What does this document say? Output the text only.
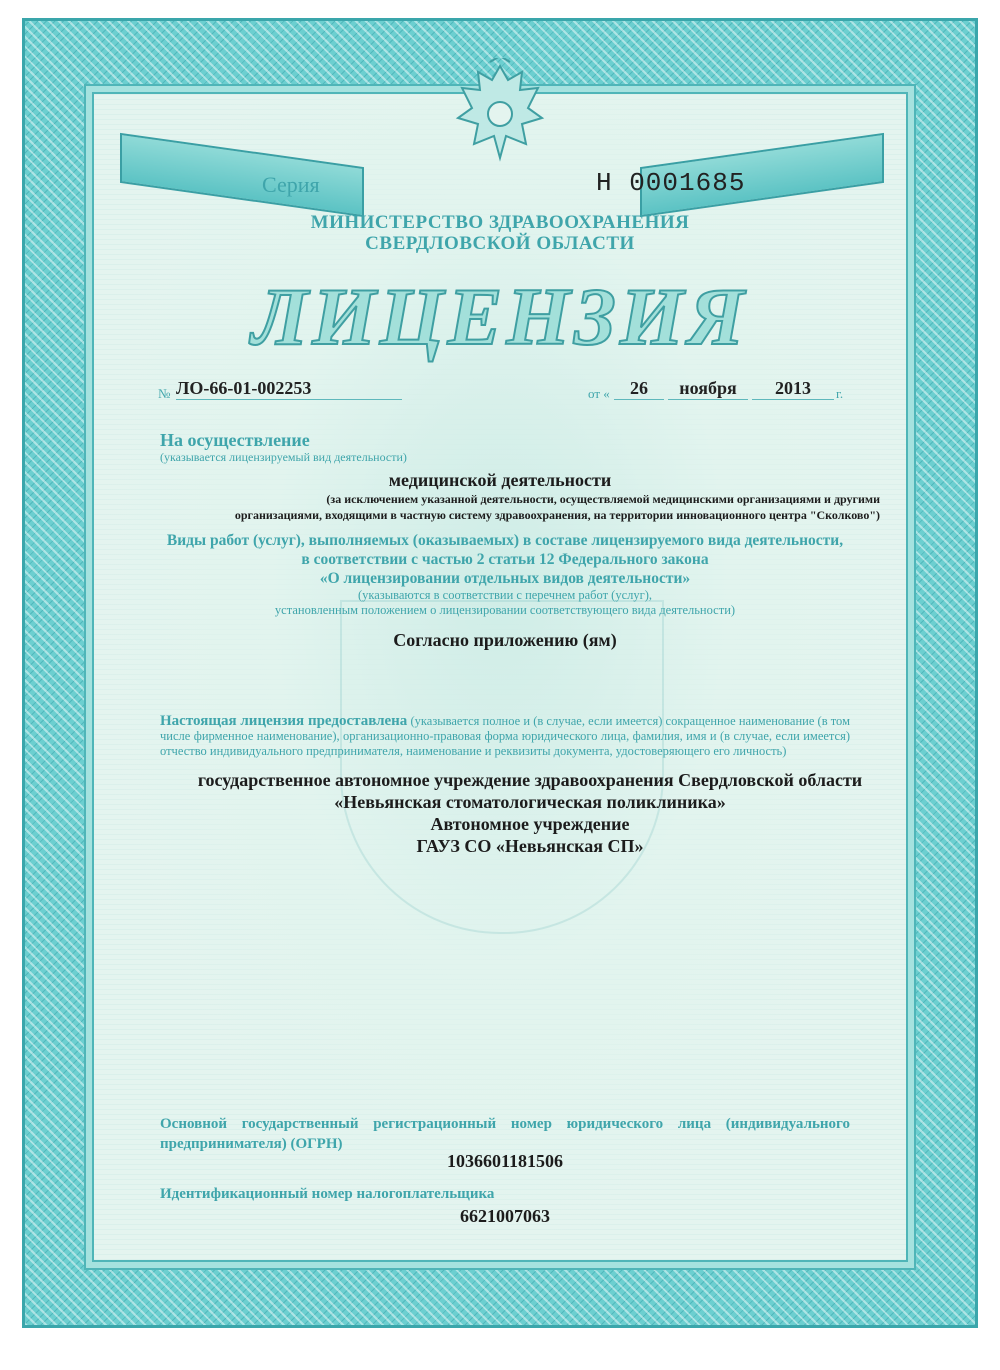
Серия	Н 0001685
МИНИСТЕРСТВО ЗДРАВООХРАНЕНИЯ
СВЕРДЛОВСКОЙ ОБЛАСТИ
ЛИЦЕНЗИЯ
№ ЛО-66-01-002253	от «	26	ноября	2013	г.
На осуществление
(указывается лицензируемый вид деятельности)
медицинской деятельности
(за исключением указанной деятельности, осуществляемой медицинскими организациями и другими
организациями, входящими в частную систему здравоохранения, на территории инновационного центра "Сколково")
Виды работ (услуг), выполняемых (оказываемых) в составе лицензируемого вида деятельности,
в соответствии с частью 2 статьи 12 Федерального закона
«О лицензировании отдельных видов деятельности»
(указываются в соответствии с перечнем работ (услуг),
установленным положением о лицензировании соответствующего вида деятельности)
Согласно приложению (ям)
Настоящая лицензия предоставлена (указывается полное и (в случае, если имеется) сокращенное наименование (в том числе фирменное наименование), организационно-правовая форма юридического лица, фамилия, имя и (в случае, если имеется) отчество индивидуального предпринимателя, наименование и реквизиты документа, удостоверяющего его личность)
государственное автономное учреждение здравоохранения Свердловской области
«Невьянская стоматологическая поликлиника»
Автономное учреждение
ГАУЗ СО «Невьянская СП»
Основной государственный регистрационный номер юридического лица (индивидуального предпринимателя) (ОГРН)
1036601181506
Идентификационный номер налогоплательщика
6621007063
